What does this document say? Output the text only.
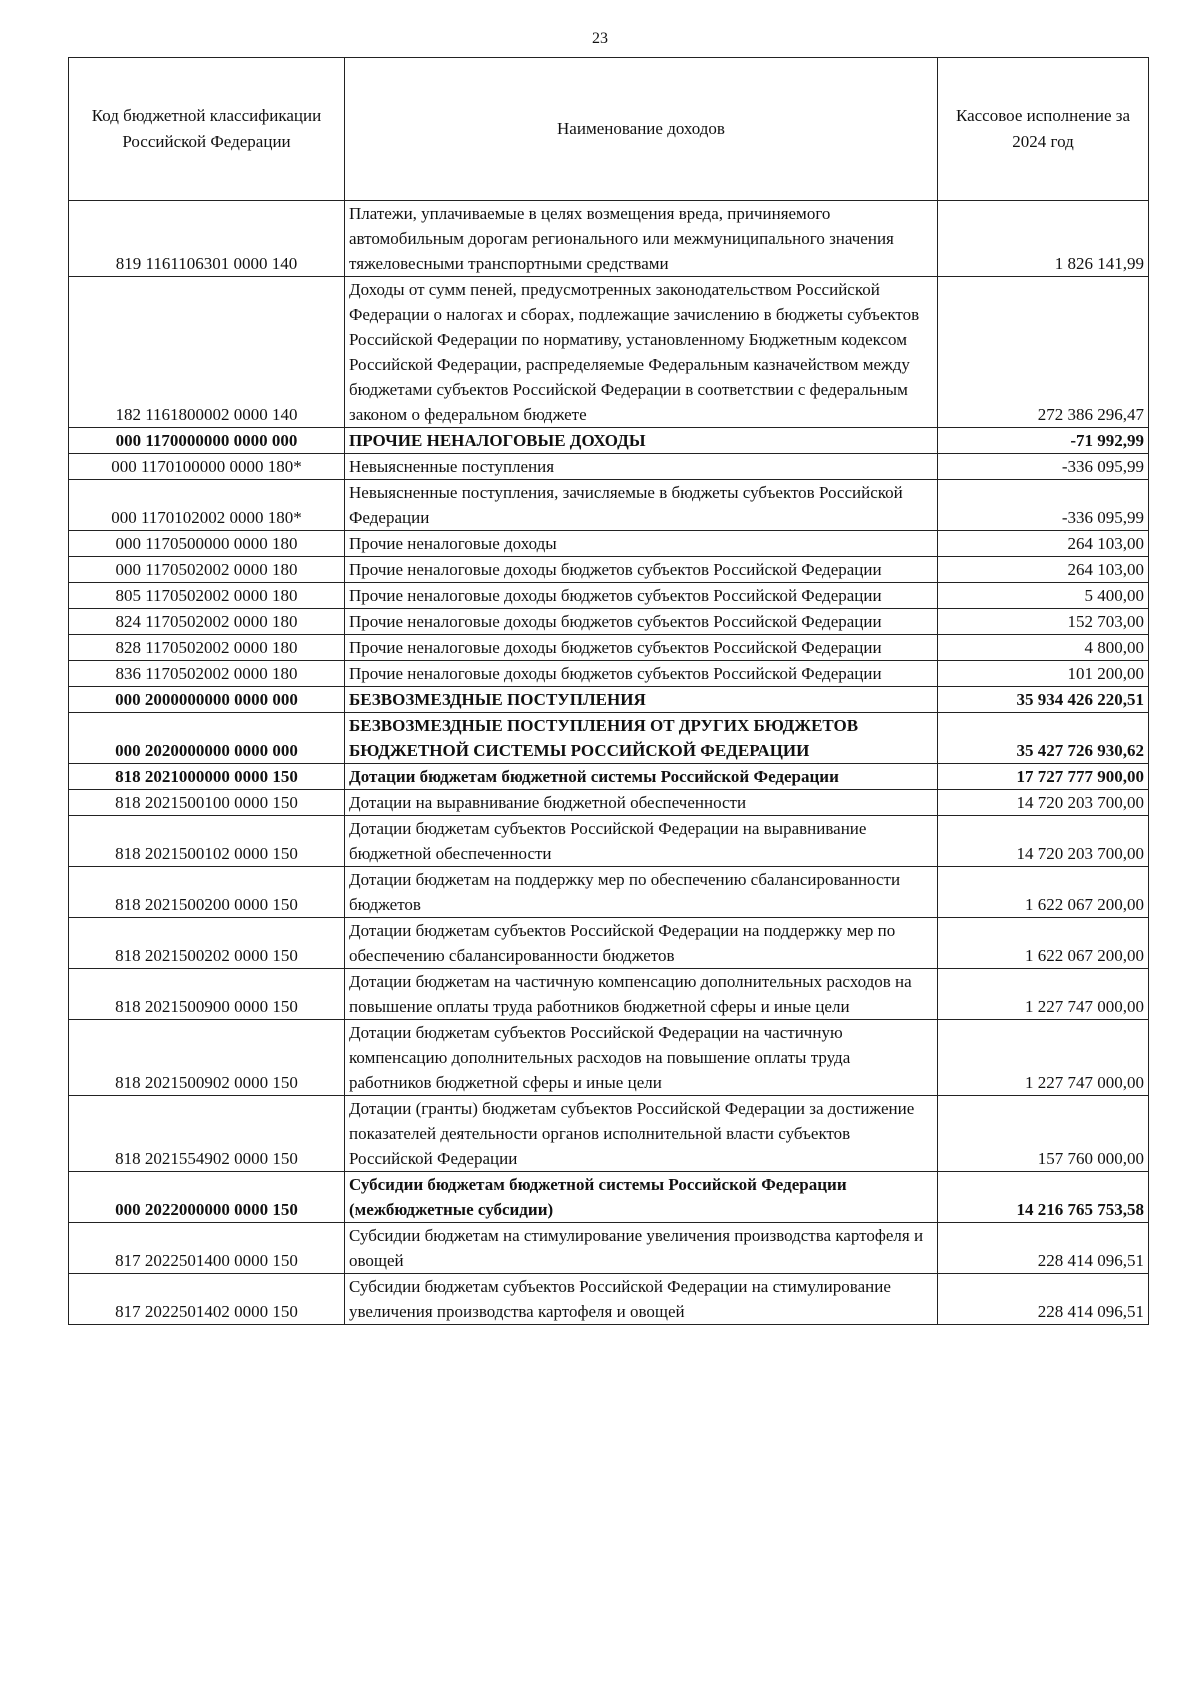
23
Код бюджетной классификации Российской Федерации	Наименование доходов	Кассовое исполнение за 2024 год
819 1161106301 0000 140	Платежи, уплачиваемые в целях возмещения вреда, причиняемого автомобильным дорогам регионального или межмуниципального значения тяжеловесными транспортными средствами	1 826 141,99
182 1161800002 0000 140	Доходы от сумм пеней, предусмотренных законодательством Российской Федерации о налогах и сборах, подлежащие зачислению в бюджеты субъектов Российской Федерации по нормативу, установленному Бюджетным кодексом Российской Федерации, распределяемые Федеральным казначейством между бюджетами субъектов Российской Федерации в соответствии с федеральным законом о федеральном бюджете	272 386 296,47
000 1170000000 0000 000	ПРОЧИЕ НЕНАЛОГОВЫЕ ДОХОДЫ	-71 992,99
000 1170100000 0000 180*	Невыясненные поступления	-336 095,99
000 1170102002 0000 180*	Невыясненные поступления, зачисляемые в бюджеты субъектов Российской Федерации	-336 095,99
000 1170500000 0000 180	Прочие неналоговые доходы	264 103,00
000 1170502002 0000 180	Прочие неналоговые доходы бюджетов субъектов Российской Федерации	264 103,00
805 1170502002 0000 180	Прочие неналоговые доходы бюджетов субъектов Российской Федерации	5 400,00
824 1170502002 0000 180	Прочие неналоговые доходы бюджетов субъектов Российской Федерации	152 703,00
828 1170502002 0000 180	Прочие неналоговые доходы бюджетов субъектов Российской Федерации	4 800,00
836 1170502002 0000 180	Прочие неналоговые доходы бюджетов субъектов Российской Федерации	101 200,00
000 2000000000 0000 000	БЕЗВОЗМЕЗДНЫЕ ПОСТУПЛЕНИЯ	35 934 426 220,51
000 2020000000 0000 000	БЕЗВОЗМЕЗДНЫЕ ПОСТУПЛЕНИЯ ОТ ДРУГИХ БЮДЖЕТОВ БЮДЖЕТНОЙ СИСТЕМЫ РОССИЙСКОЙ ФЕДЕРАЦИИ	35 427 726 930,62
818 2021000000 0000 150	Дотации бюджетам бюджетной системы Российской Федерации	17 727 777 900,00
818 2021500100 0000 150	Дотации на выравнивание бюджетной обеспеченности	14 720 203 700,00
818 2021500102 0000 150	Дотации бюджетам субъектов Российской Федерации на выравнивание бюджетной обеспеченности	14 720 203 700,00
818 2021500200 0000 150	Дотации бюджетам на поддержку мер по обеспечению сбалансированности бюджетов	1 622 067 200,00
818 2021500202 0000 150	Дотации бюджетам субъектов Российской Федерации на поддержку мер по обеспечению сбалансированности бюджетов	1 622 067 200,00
818 2021500900 0000 150	Дотации бюджетам на частичную компенсацию дополнительных расходов на повышение оплаты труда работников бюджетной сферы и иные цели	1 227 747 000,00
818 2021500902 0000 150	Дотации бюджетам субъектов Российской Федерации на частичную компенсацию дополнительных расходов на повышение оплаты труда работников бюджетной сферы и иные цели	1 227 747 000,00
818 2021554902 0000 150	Дотации (гранты) бюджетам субъектов Российской Федерации за достижение показателей деятельности органов исполнительной власти субъектов Российской Федерации	157 760 000,00
000 2022000000 0000 150	Субсидии бюджетам бюджетной системы Российской Федерации (межбюджетные субсидии)	14 216 765 753,58
817 2022501400 0000 150	Субсидии бюджетам на стимулирование увеличения производства картофеля и овощей	228 414 096,51
817 2022501402 0000 150	Субсидии бюджетам субъектов Российской Федерации на стимулирование увеличения производства картофеля и овощей	228 414 096,51
